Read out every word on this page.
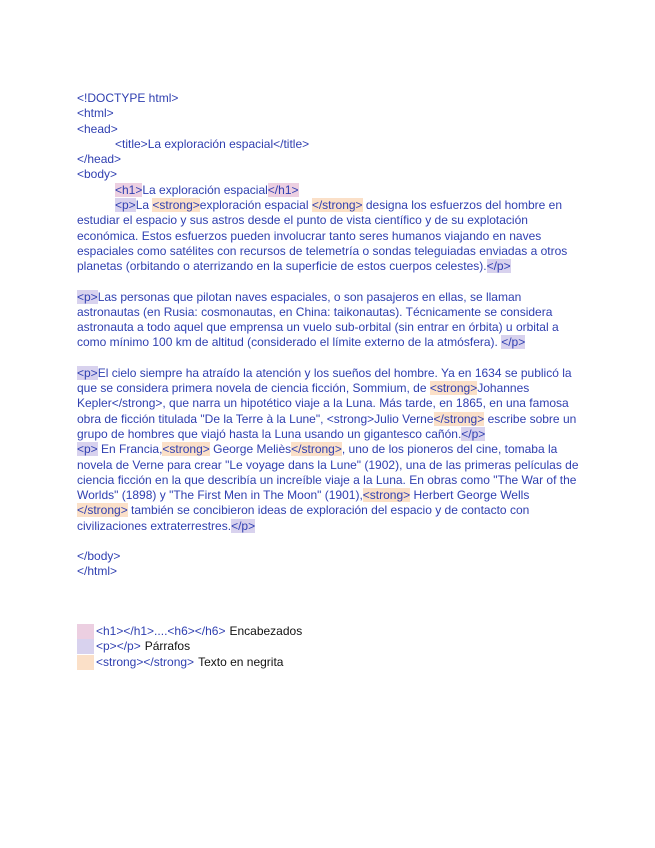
<!DOCTYPE html>
<html>
<head>
<title>La exploración espacial</title>
</head>
<body>
<h1>La exploración espacial</h1>
<p>La <strong>exploración espacial </strong> designa los esfuerzos del hombre en estudiar el espacio y sus astros desde el punto de vista científico y de su explotación económica. Estos esfuerzos pueden involucrar tanto seres humanos viajando en naves espaciales como satélites con recursos de telemetría o sondas teleguiadas enviadas a otros planetas (orbitando o aterrizando en la superficie de estos cuerpos celestes).</p>
<p>Las personas que pilotan naves espaciales, o son pasajeros en ellas, se llaman astronautas (en Rusia: cosmonautas, en China: taikonautas). Técnicamente se considera astronauta a todo aquel que emprensa un vuelo sub-orbital (sin entrar en órbita) u orbital a como mínimo 100 km de altitud (considerado el límite externo de la atmósfera). </p>
<p>El cielo siempre ha atraído la atención y los sueños del hombre. Ya en 1634 se publicó la que se considera primera novela de ciencia ficción, Sommium, de <strong>Johannes Kepler</strong>, que narra un hipotético viaje a la Luna. Más tarde, en 1865, en una famosa obra de ficción titulada "De la Terre à la Lune", <strong>Julio Verne</strong> escribe sobre un grupo de hombres que viajó hasta la Luna usando un gigantesco cañón.</p>
<p> En Francia,<strong> George Meliès</strong>, uno de los pioneros del cine, tomaba la novela de Verne para crear "Le voyage dans la Lune" (1902), una de las primeras películas de ciencia ficción en la que describía un increíble viaje a la Luna. En obras como "The War of the Worlds" (1898) y "The First Men in The Moon" (1901),<strong> Herbert George Wells </strong> también se concibieron ideas de exploración del espacio y de contacto con civilizaciones extraterrestres.</p>
</body>
</html>
<h1></h1>....<h6></h6> Encabezados
<p></p> Párrafos
<strong></strong> Texto en negrita
